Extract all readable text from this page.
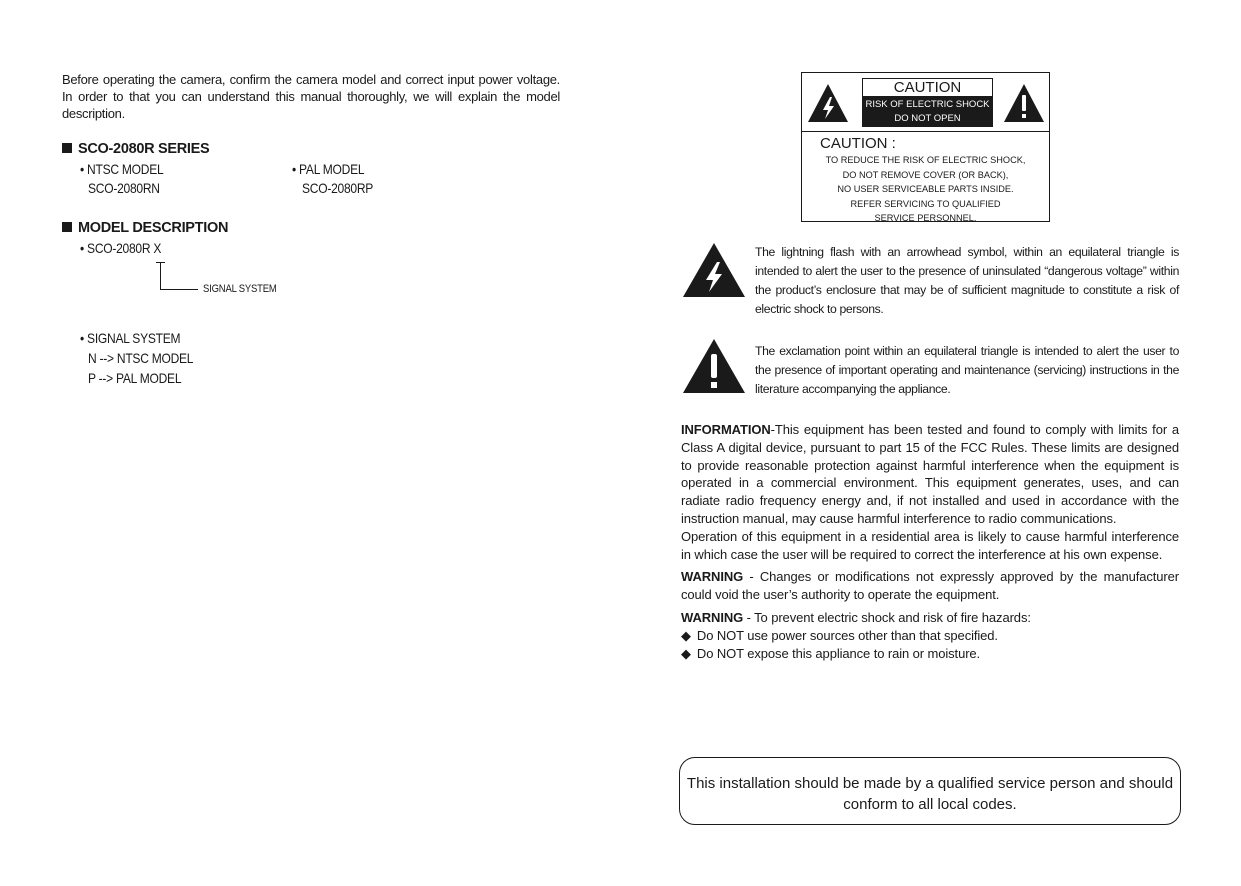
Before operating the camera, confirm the camera model and correct input power voltage. In order to that you can understand this manual thoroughly, we will explain the model description.

SCO-2080R SERIES
• NTSC MODEL
SCO-2080RN
• PAL MODEL
SCO-2080RP
MODEL DESCRIPTION
• SCO-2080R X
SIGNAL SYSTEM
• SIGNAL SYSTEM
N --> NTSC MODEL
P --> PAL MODEL
CAUTION
RISK OF ELECTRIC SHOCK
DO NOT OPEN
CAUTION :
TO REDUCE THE RISK OF ELECTRIC SHOCK,
DO NOT REMOVE COVER (OR BACK),
NO USER SERVICEABLE PARTS INSIDE.
REFER SERVICING TO QUALIFIED
SERVICE PERSONNEL.
The lightning flash with an arrowhead symbol, within an equilateral triangle is intended to alert the user to the presence of uninsulated “dangerous voltage” within the product’s enclosure that may be of sufficient magnitude to constitute a risk of electric shock to persons.
The exclamation point within an equilateral triangle is intended to alert the user to the presence of important operating and maintenance (servicing) instructions in the literature accompanying the appliance.

INFORMATION-This equipment has been tested and found to comply with limits for a Class A digital device, pursuant to part 15 of the FCC Rules. These limits are designed to provide reasonable protection against harmful interference when the equipment is operated in a commercial environment. This equipment generates, uses, and can radiate radio frequency energy and, if not installed and used in accordance with the instruction manual, may cause harmful interference to radio communications.

Operation of this equipment in a residential area is likely to cause harmful interference in which case the user will be required to correct the interference at his own expense.

WARNING - Changes or modifications not expressly approved by the manufacturer could void the user’s authority to operate the equipment.

WARNING - To prevent electric shock and risk of fire hazards:

◆ Do NOT use power sources other than that specified.

◆ Do NOT expose this appliance to rain or moisture.

This installation should be made by a qualified service person and should conform to all local codes.
